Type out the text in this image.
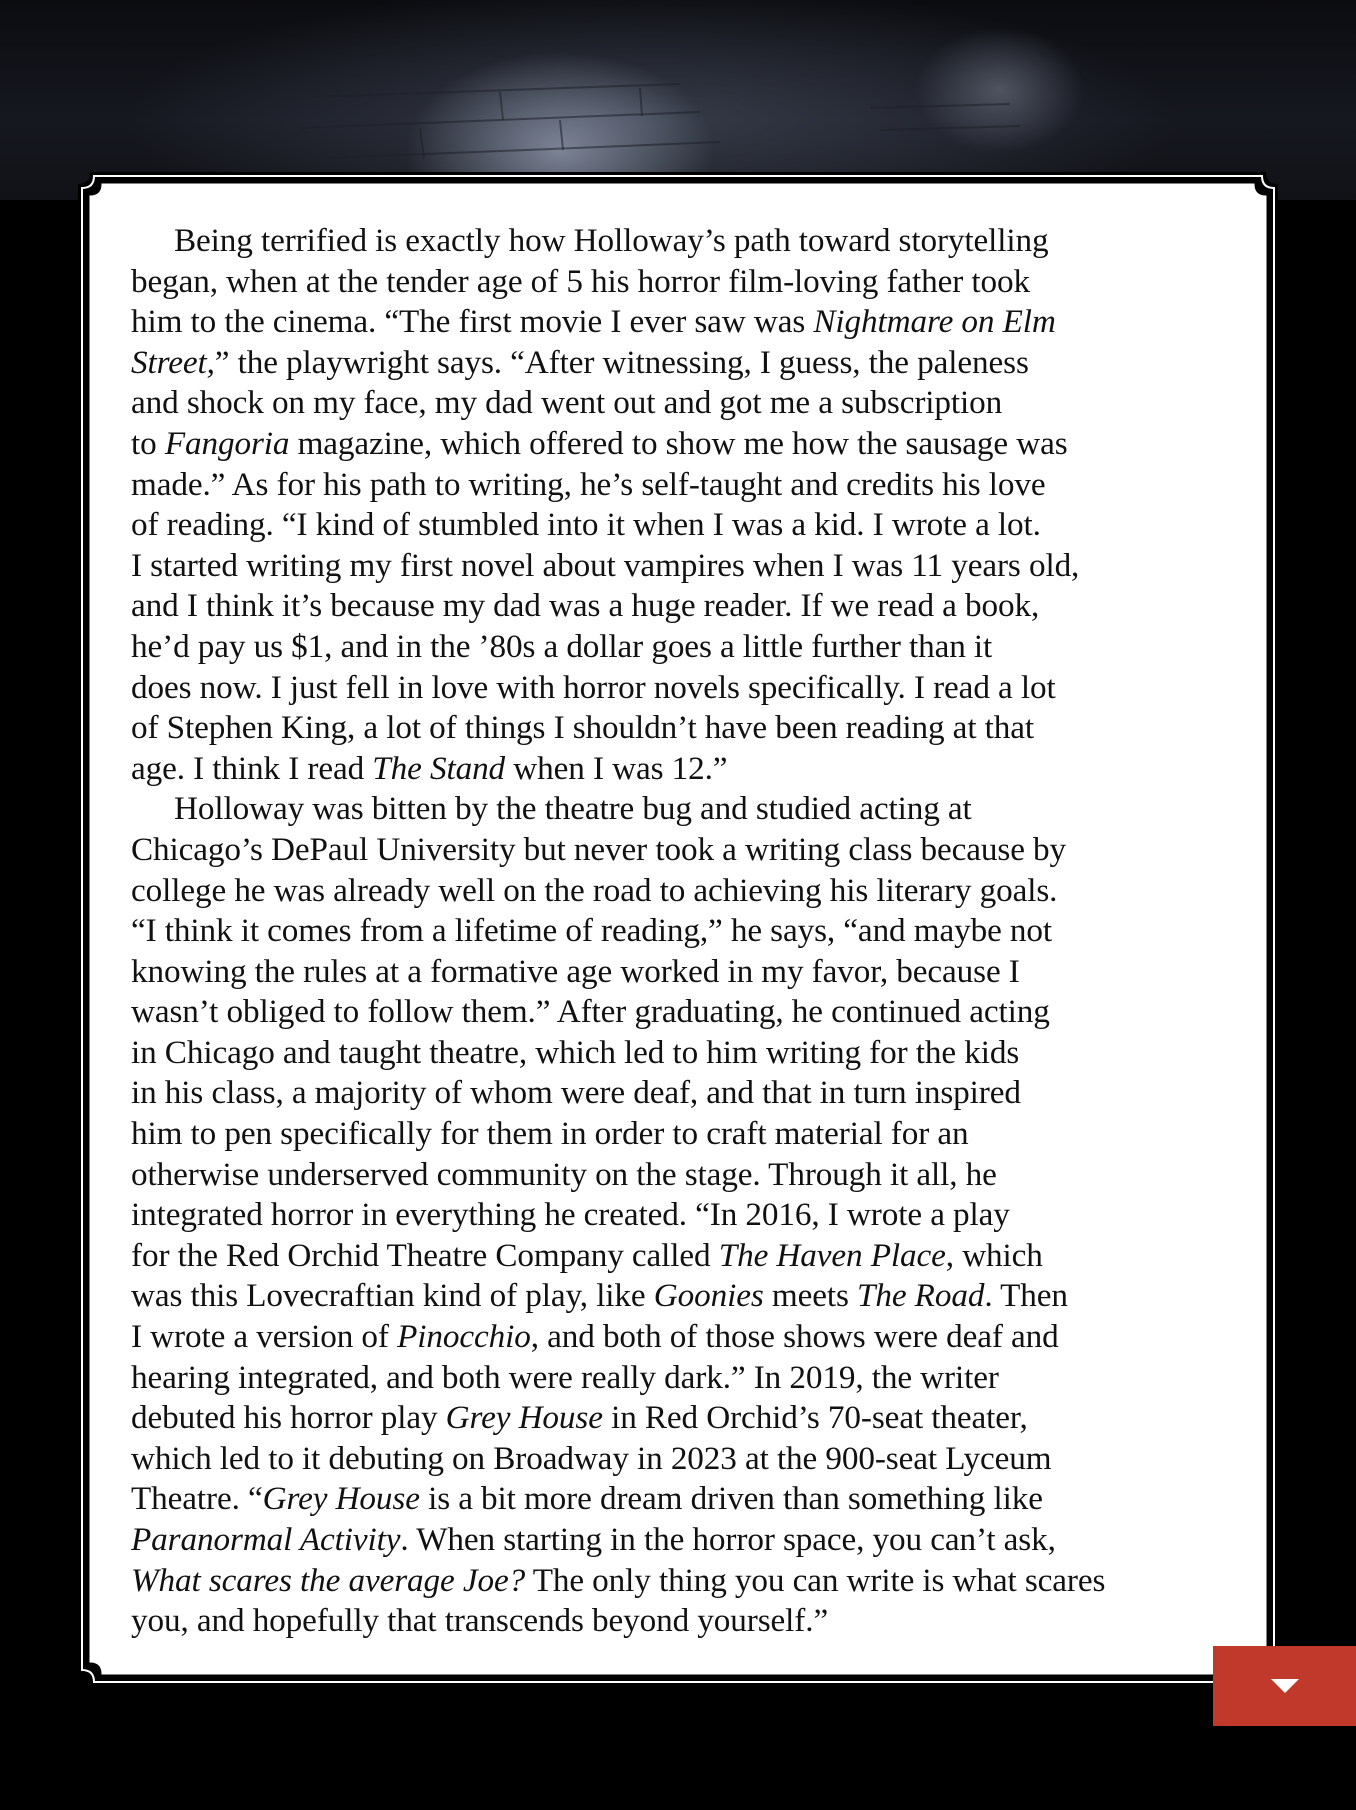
Being terrified is exactly how Holloway’s path toward storytelling
began, when at the tender age of 5 his horror film-loving father took
him to the cinema. “The first movie I ever saw was Nightmare on Elm
Street,” the playwright says. “After witnessing, I guess, the paleness
and shock on my face, my dad went out and got me a subscription
to Fangoria magazine, which offered to show me how the sausage was
made.” As for his path to writing, he’s self-taught and credits his love
of reading. “I kind of stumbled into it when I was a kid. I wrote a lot.
I started writing my first novel about vampires when I was 11 years old,
and I think it’s because my dad was a huge reader. If we read a book,
he’d pay us $1, and in the ’80s a dollar goes a little further than it
does now. I just fell in love with horror novels specifically. I read a lot
of Stephen King, a lot of things I shouldn’t have been reading at that
age. I think I read The Stand when I was 12.”

Holloway was bitten by the theatre bug and studied acting at
Chicago’s DePaul University but never took a writing class because by
college he was already well on the road to achieving his literary goals.
“I think it comes from a lifetime of reading,” he says, “and maybe not
knowing the rules at a formative age worked in my favor, because I
wasn’t obliged to follow them.” After graduating, he continued acting
in Chicago and taught theatre, which led to him writing for the kids
in his class, a majority of whom were deaf, and that in turn inspired
him to pen specifically for them in order to craft material for an
otherwise underserved community on the stage. Through it all, he
integrated horror in everything he created. “In 2016, I wrote a play
for the Red Orchid Theatre Company called The Haven Place, which
was this Lovecraftian kind of play, like Goonies meets The Road. Then
I wrote a version of Pinocchio, and both of those shows were deaf and
hearing integrated, and both were really dark.” In 2019, the writer
debuted his horror play Grey House in Red Orchid’s 70-seat theater,
which led to it debuting on Broadway in 2023 at the 900-seat Lyceum
Theatre. “Grey House is a bit more dream driven than something like
Paranormal Activity. When starting in the horror space, you can’t ask,
What scares the average Joe? The only thing you can write is what scares
you, and hopefully that transcends beyond yourself.”
